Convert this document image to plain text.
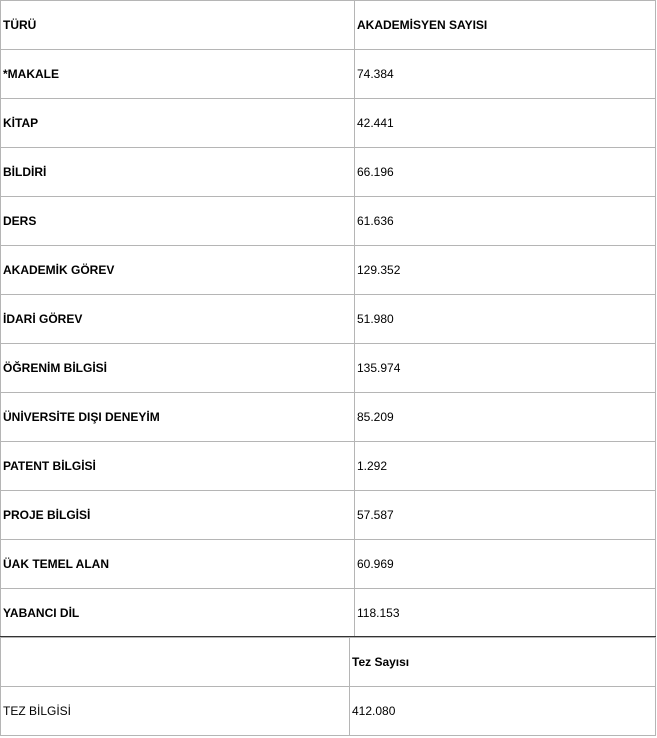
TÜRÜ	AKADEMİSYEN SAYISI
*MAKALE	74.384
KİTAP	42.441
BİLDİRİ	66.196
DERS	61.636
AKADEMİK GÖREV	129.352
İDARİ GÖREV	51.980
ÖĞRENİM BİLGİSİ	135.974
ÜNİVERSİTE DIŞI DENEYİM	85.209
PATENT BİLGİSİ	1.292
PROJE BİLGİSİ	57.587
ÜAK TEMEL ALAN	60.969
YABANCI DİL	118.153
	Tez Sayısı
TEZ BİLGİSİ	412.080
